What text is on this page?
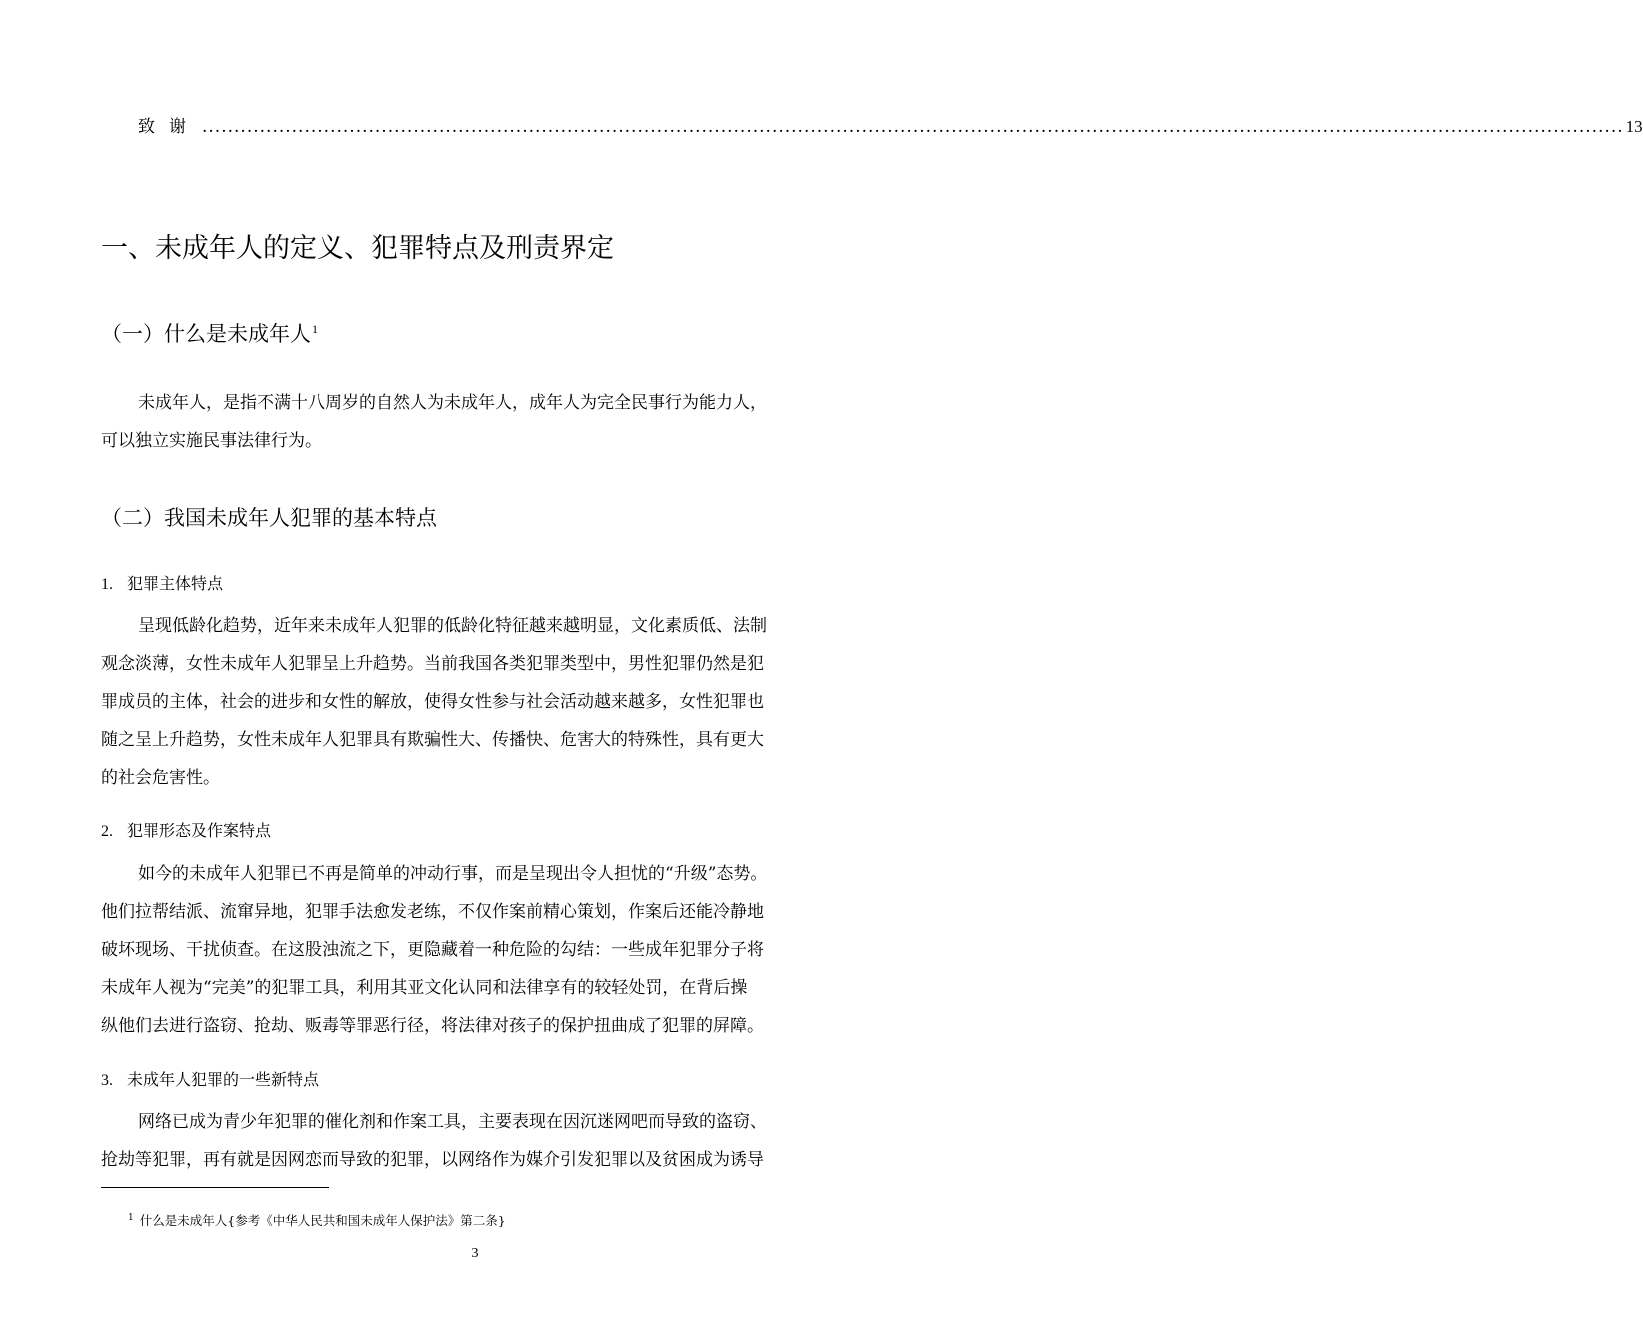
致谢 .............................................................................................................................................................................................................................. 13
一、未成年人的定义、犯罪特点及刑责界定
（一）什么是未成年人$^1$
未成年人，是指不满十八周岁的自然人为未成年人，成年人为完全民事行为能力人，
可以独立实施民事法律行为。
（二）我国未成年人犯罪的基本特点
1. 犯罪主体特点
呈现低龄化趋势，近年来未成年人犯罪的低龄化特征越来越明显，文化素质低、法制
观念淡薄，女性未成年人犯罪呈上升趋势。当前我国各类犯罪类型中，男性犯罪仍然是犯
罪成员的主体，社会的进步和女性的解放，使得女性参与社会活动越来越多，女性犯罪也
随之呈上升趋势，女性未成年人犯罪具有欺骗性大、传播快、危害大的特殊性，具有更大
的社会危害性。
2. 犯罪形态及作案特点
如今的未成年人犯罪已不再是简单的冲动行事，而是呈现出令人担忧的“升级”态势。
他们拉帮结派、流窜异地，犯罪手法愈发老练，不仅作案前精心策划，作案后还能冷静地
破坏现场、干扰侦查。在这股浊流之下，更隐藏着一种危险的勾结：一些成年犯罪分子将
未成年人视为“完美”的犯罪工具，利用其亚文化认同和法律享有的较轻处罚，在背后操
纵他们去进行盗窃、抢劫、贩毒等罪恶行径，将法律对孩子的保护扭曲成了犯罪的屏障。
3. 未成年人犯罪的一些新特点
网络已成为青少年犯罪的催化剂和作案工具，主要表现在因沉迷网吧而导致的盗窃、
抢劫等犯罪，再有就是因网恋而导致的犯罪，以网络作为媒介引发犯罪以及贫困成为诱导
$^1$ 什么是未成年人{参考《中华人民共和国未成年人保护法》第二条}
3
